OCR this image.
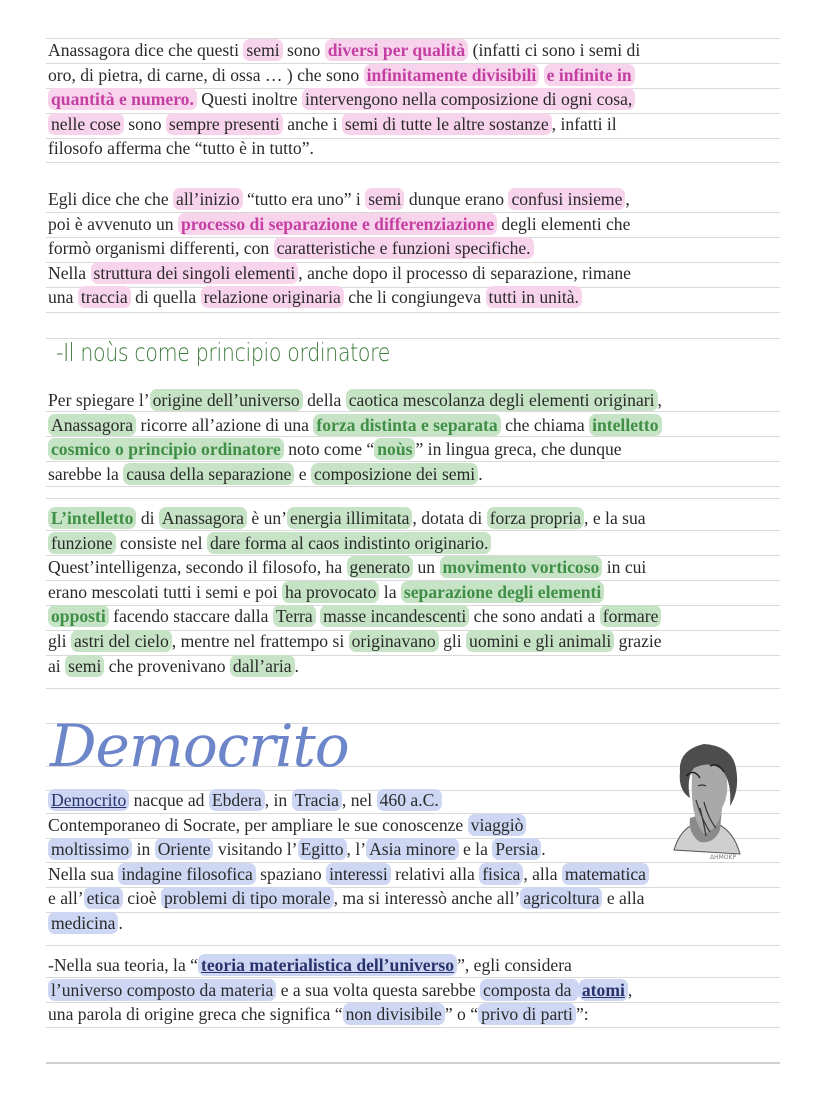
Anassagora dice che questi semi sono diversi per qualità (infatti ci sono i semi di
oro, di pietra, di carne, di ossa … ) che sono infinitamente divisibili e infinite in
quantità e numero. Questi inoltre intervengono nella composizione di ogni cosa,
nelle cose sono sempre presenti anche i semi di tutte le altre sostanze , infatti il
filosofo afferma che “tutto è in tutto”.
Egli dice che che all’inizio “tutto era uno” i semi dunque erano confusi insieme ,
poi è avvenuto un processo di separazione e differenziazione degli elementi che
formò organismi differenti, con caratteristiche e funzioni specifiche.
Nella struttura dei singoli elementi , anche dopo il processo di separazione, rimane
una traccia di quella relazione originaria che li congiungeva tutti in unità.
-Il noùs come principio ordinatore
Per spiegare l’ origine dell’universo della caotica mescolanza degli elementi originari ,
Anassagora ricorre all’azione di una forza distinta e separata che chiama intelletto
cosmico o principio ordinatore noto come “ noùs ” in lingua greca, che dunque
sarebbe la causa della separazione e composizione dei semi .
L’intelletto di Anassagora è un’ energia illimitata , dotata di forza propria , e la sua
funzione consiste nel dare forma al caos indistinto originario.
Quest’intelligenza, secondo il filosofo, ha generato un movimento vorticoso in cui
erano mescolati tutti i semi e poi ha provocato la separazione degli elementi
opposti facendo staccare dalla Terra masse incandescenti che sono andati a formare
gli astri del cielo , mentre nel frattempo si originavano gli uomini e gli animali grazie
ai semi che provenivano dall’aria .
Democrito
ΔΗΜΟΚΡ
Democrito nacque ad Ebdera , in Tracia , nel 460 a.C.
Contemporaneo di Socrate, per ampliare le sue conoscenze viaggiò
moltissimo in Oriente visitando l’ Egitto , l’ Asia minore e la Persia .
Nella sua indagine filosofica spaziano interessi relativi alla fisica , alla matematica
e all’ etica cioè problemi di tipo morale , ma si interessò anche all’ agricoltura e alla
medicina .
-Nella sua teoria, la “ teoria materialistica dell’universo ”, egli considera
l’universo composto da materia e a sua volta questa sarebbe composta da atomi ,
una parola di origine greca che significa “ non divisibile ” o “ privo di parti ”:
